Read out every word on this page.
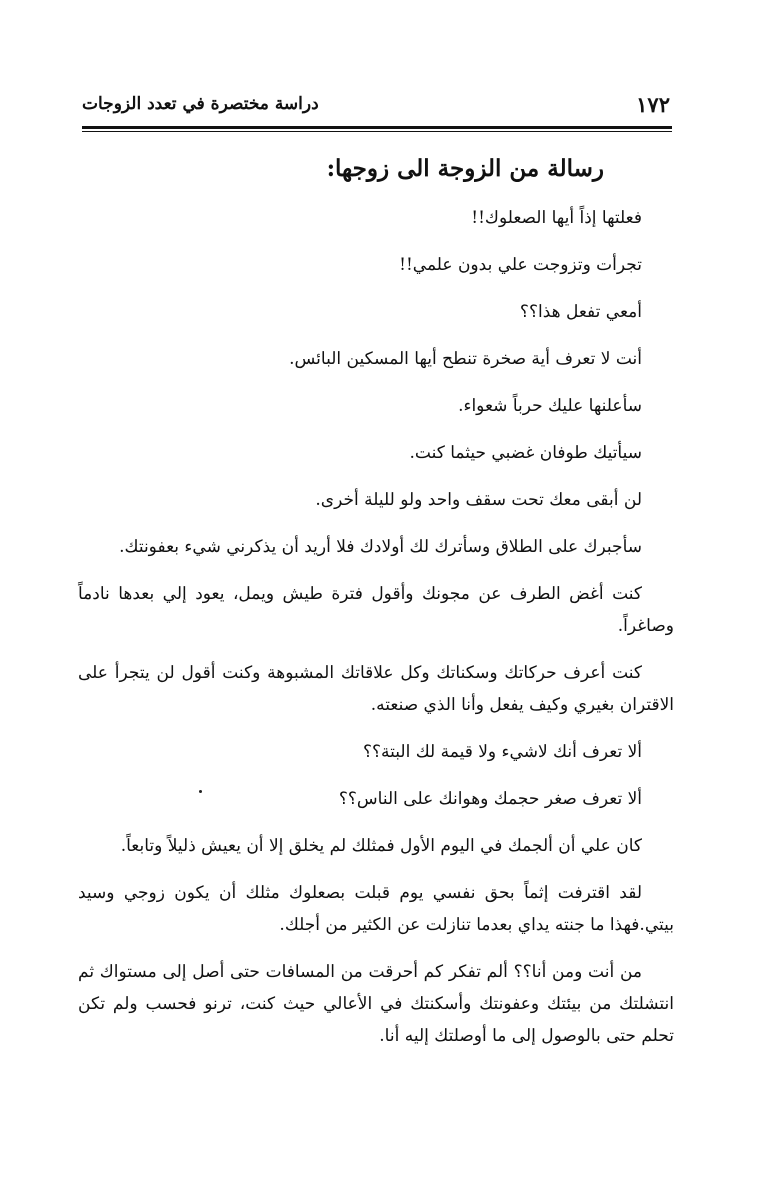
١٧٢
دراسة مختصرة في تعدد الزوجات
رسالة من الزوجة الى زوجها:

فعلتها إذاً أيها الصعلوك!!

تجرأت وتزوجت علي بدون علمي!!

أمعي تفعل هذا؟؟

أنت لا تعرف أية صخرة تنطح أيها المسكين البائس.

سأعلنها عليك حرباً شعواء.

سيأتيك طوفان غضبي حيثما كنت.

لن أبقى معك تحت سقف واحد ولو لليلة أخرى.

سأجبرك على الطلاق وسأترك لك أولادك فلا أريد أن يذكرني شيء بعفونتك.

كنت أغض الطرف عن مجونك وأقول فترة طيش ويمل، يعود إلي بعدها نادماً وصاغراً.

كنت أعرف حركاتك وسكناتك وكل علاقاتك المشبوهة وكنت أقول لن يتجرأ على الاقتران بغيري وكيف يفعل وأنا الذي صنعته.

ألا تعرف أنك لاشيء ولا قيمة لك البتة؟؟

ألا تعرف صغر حجمك وهوانك على الناس؟؟

كان علي أن ألجمك في اليوم الأول فمثلك لم يخلق إلا أن يعيش ذليلاً وتابعاً.

لقد اقترفت إثماً بحق نفسي يوم قبلت بصعلوك مثلك أن يكون زوجي وسيد بيتي.فهذا ما جنته يداي بعدما تنازلت عن الكثير من أجلك.

من أنت ومن أنا؟؟ ألم تفكر كم أحرقت من المسافات حتى أصل إلى مستواك ثم انتشلتك من بيئتك وعفونتك وأسكنتك في الأعالي حيث كنت، ترنو فحسب ولم تكن تحلم حتى بالوصول إلى ما أوصلتك إليه أنا.
